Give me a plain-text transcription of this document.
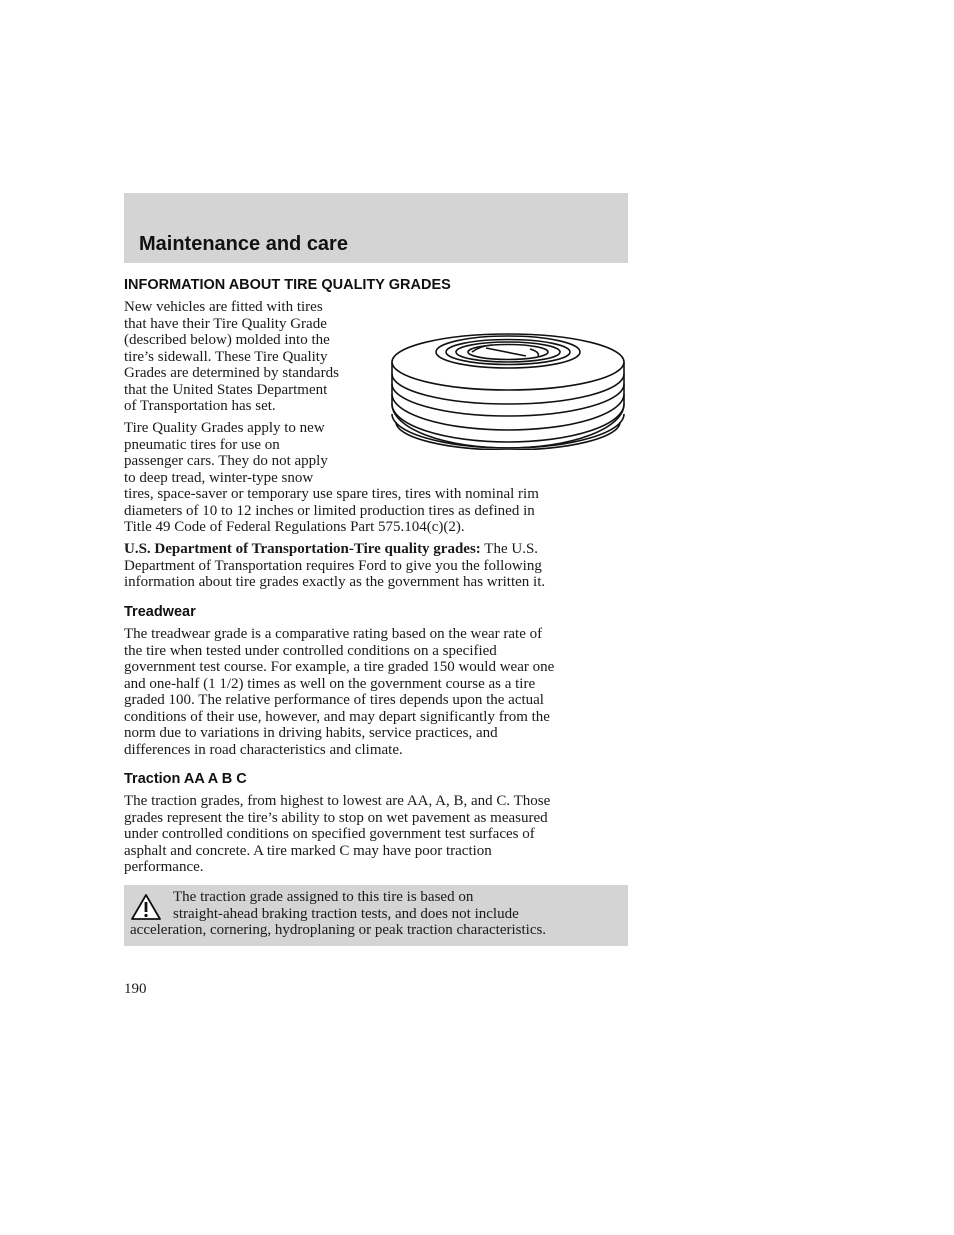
Maintenance and care
INFORMATION ABOUT TIRE QUALITY GRADES

New vehicles are fitted with tires
that have their Tire Quality Grade
(described below) molded into the
tire’s sidewall. These Tire Quality
Grades are determined by standards
that the United States Department
of Transportation has set.

Tire Quality Grades apply to new
pneumatic tires for use on
passenger cars. They do not apply
to deep tread, winter-type snow
tires, space-saver or temporary use spare tires, tires with nominal rim
diameters of 10 to 12 inches or limited production tires as defined in
Title 49 Code of Federal Regulations Part 575.104(c)(2).

U.S. Department of Transportation-Tire quality grades: The U.S.
Department of Transportation requires Ford to give you the following
information about tire grades exactly as the government has written it.

Treadwear

The treadwear grade is a comparative rating based on the wear rate of
the tire when tested under controlled conditions on a specified
government test course. For example, a tire graded 150 would wear one
and one-half (1 1/2) times as well on the government course as a tire
graded 100. The relative performance of tires depends upon the actual
conditions of their use, however, and may depart significantly from the
norm due to variations in driving habits, service practices, and
differences in road characteristics and climate.

Traction AA A B C

The traction grades, from highest to lowest are AA, A, B, and C. Those
grades represent the tire’s ability to stop on wet pavement as measured
under controlled conditions on specified government test surfaces of
asphalt and concrete. A tire marked C may have poor traction
performance.

The traction grade assigned to this tire is based on
straight-ahead braking traction tests, and does not include
acceleration, cornering, hydroplaning or peak traction characteristics.
190
